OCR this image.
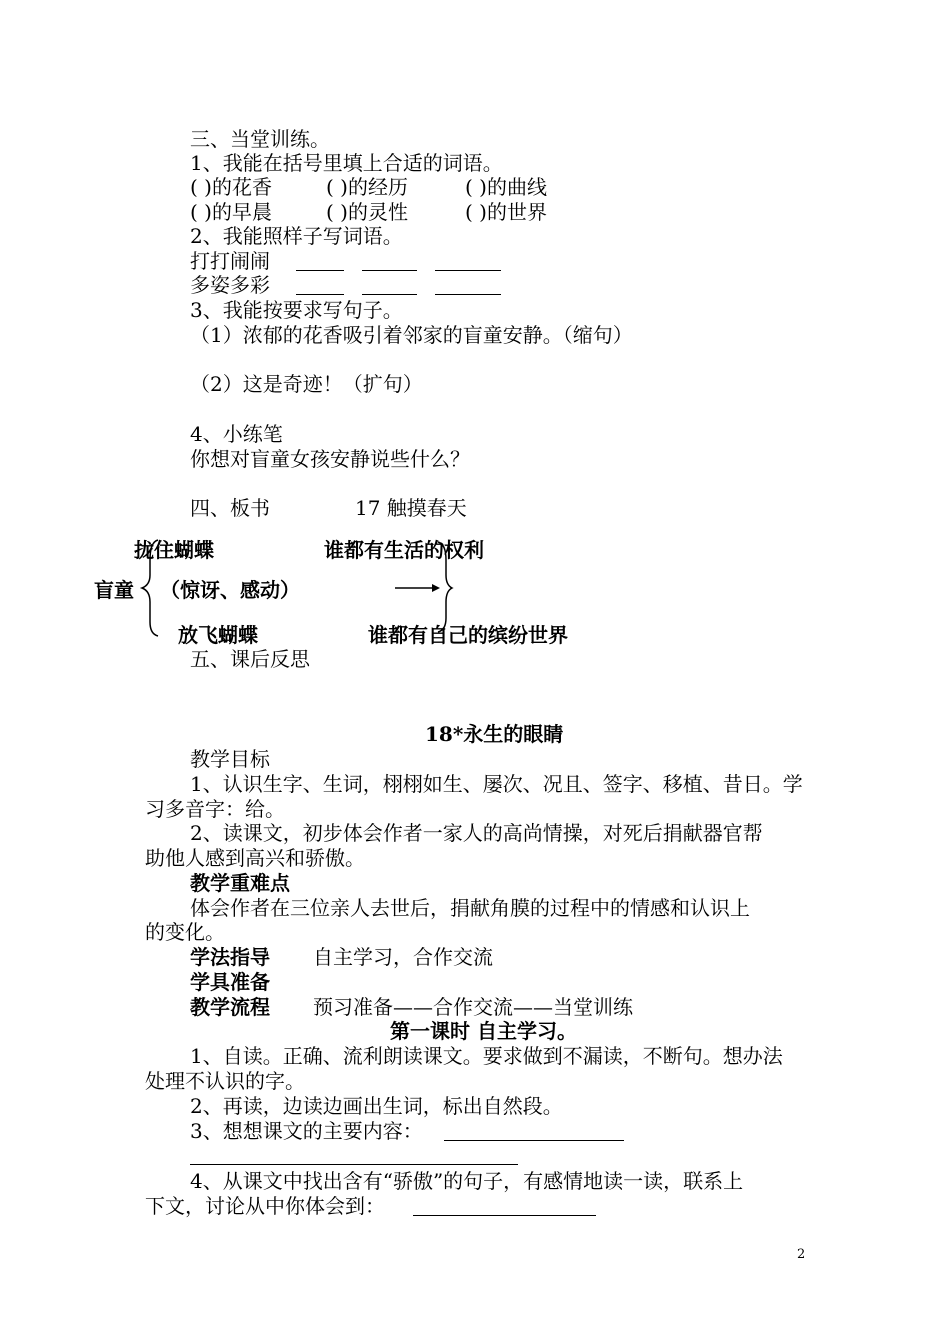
三、当堂训练。
1、我能在括号里填上合适的词语。
( )的花香	( )的经历	( )的曲线
( )的早晨	( )的灵性	( )的世界
2、我能照样子写词语。
打打闹闹
多姿多彩
3、我能按要求写句子。
（1）浓郁的花香吸引着邻家的盲童安静。（缩句）
（2）这是奇迹！（扩句）
4、小练笔
你想对盲童女孩安静说些什么？
四、板书	17 触摸春天
拢住蝴蝶	谁都有生活的权利
盲童 （惊讶、感动）
放飞蝴蝶	谁都有自己的缤纷世界
五、课后反思
18*永生的眼睛
教学目标
1、认识生字、生词，栩栩如生、屡次、况且、签字、移植、昔日。学
习多音字：给。
2、读课文，初步体会作者一家人的高尚情操，对死后捐献器官帮
助他人感到高兴和骄傲。
教学重难点
体会作者在三位亲人去世后，捐献角膜的过程中的情感和认识上
的变化。
学法指导 自主学习，合作交流
学具准备
教学流程 预习准备——合作交流——当堂训练
第一课时 自主学习。
1、自读。正确、流利朗读课文。要求做到不漏读，不断句。想办法
处理不认识的字。
2、再读，边读边画出生词，标出自然段。
3、想想课文的主要内容：
4、从课文中找出含有“骄傲”的句子，有感情地读一读，联系上
下文，讨论从中你体会到：
2
